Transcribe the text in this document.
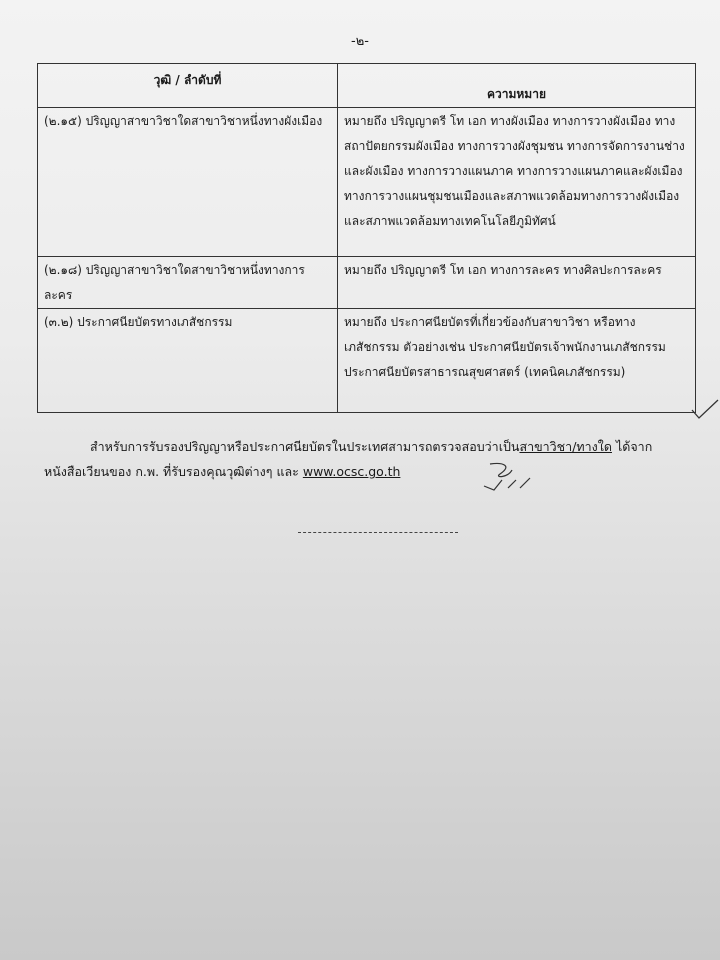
-๒-
วุฒิ / ลำดับที่	ความหมาย

(๒.๑๕) ปริญญาสาขาวิชาใดสาขาวิชาหนึ่งทางผังเมือง	หมายถึง ปริญญาตรี โท เอก ทางผังเมือง ทางการวางผังเมือง ทางสถาปัตยกรรมผังเมือง ทางการวางผังชุมชน ทางการจัดการงานช่างและผังเมือง ทางการวางแผนภาค ทางการวางแผนภาคและผังเมือง ทางการวางแผนชุมชนเมืองและสภาพแวดล้อมทางการวางผังเมืองและสภาพแวดล้อมทางเทคโนโลยีภูมิทัศน์

(๒.๑๘) ปริญญาสาขาวิชาใดสาขาวิชาหนึ่งทางการละคร	หมายถึง ปริญญาตรี โท เอก ทางการละคร ทางศิลปะการละคร

(๓.๒) ประกาศนียบัตรทางเภสัชกรรม	หมายถึง ประกาศนียบัตรที่เกี่ยวข้องกับสาขาวิชา หรือทางเภสัชกรรม ตัวอย่างเช่น ประกาศนียบัตรเจ้าพนักงานเภสัชกรรม ประกาศนียบัตรสาธารณสุขศาสตร์ (เทคนิคเภสัชกรรม)
สำหรับการรับรองปริญญาหรือประกาศนียบัตรในประเทศสามารถตรวจสอบว่าเป็นสาขาวิชา/ทางใด ได้จากหนังสือเวียนของ ก.พ. ที่รับรองคุณวุฒิต่างๆ และ www.ocsc.go.th
